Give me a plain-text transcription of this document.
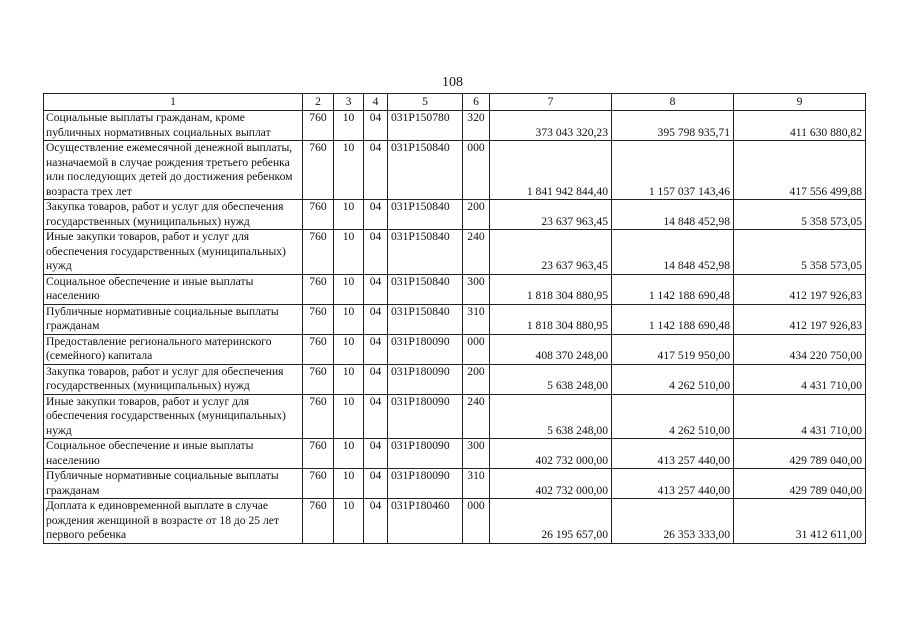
108
1	2	3	4	5	6	7	8	9
Социальные выплаты гражданам, кроме публичных нормативных социальных выплат	760	10	04	031Р150780	320	373 043 320,23	395 798 935,71	411 630 880,82
Осуществление ежемесячной денежной выплаты, назначаемой в случае рождения третьего ребенка или последующих детей до достижения ребенком возраста трех лет	760	10	04	031Р150840	000	1 841 942 844,40	1 157 037 143,46	417 556 499,88
Закупка товаров, работ и услуг для обеспечения государственных (муниципальных) нужд	760	10	04	031Р150840	200	23 637 963,45	14 848 452,98	5 358 573,05
Иные закупки товаров, работ и услуг для обеспечения государственных (муниципальных) нужд	760	10	04	031Р150840	240	23 637 963,45	14 848 452,98	5 358 573,05
Социальное обеспечение и иные выплаты населению	760	10	04	031Р150840	300	1 818 304 880,95	1 142 188 690,48	412 197 926,83
Публичные нормативные социальные выплаты гражданам	760	10	04	031Р150840	310	1 818 304 880,95	1 142 188 690,48	412 197 926,83
Предоставление регионального материнского (семейного) капитала	760	10	04	031Р180090	000	408 370 248,00	417 519 950,00	434 220 750,00
Закупка товаров, работ и услуг для обеспечения государственных (муниципальных) нужд	760	10	04	031Р180090	200	5 638 248,00	4 262 510,00	4 431 710,00
Иные закупки товаров, работ и услуг для обеспечения государственных (муниципальных) нужд	760	10	04	031Р180090	240	5 638 248,00	4 262 510,00	4 431 710,00
Социальное обеспечение и иные выплаты населению	760	10	04	031Р180090	300	402 732 000,00	413 257 440,00	429 789 040,00
Публичные нормативные социальные выплаты гражданам	760	10	04	031Р180090	310	402 732 000,00	413 257 440,00	429 789 040,00
Доплата к единовременной выплате в случае рождения женщиной в возрасте от 18 до 25 лет первого ребенка	760	10	04	031Р180460	000	26 195 657,00	26 353 333,00	31 412 611,00
